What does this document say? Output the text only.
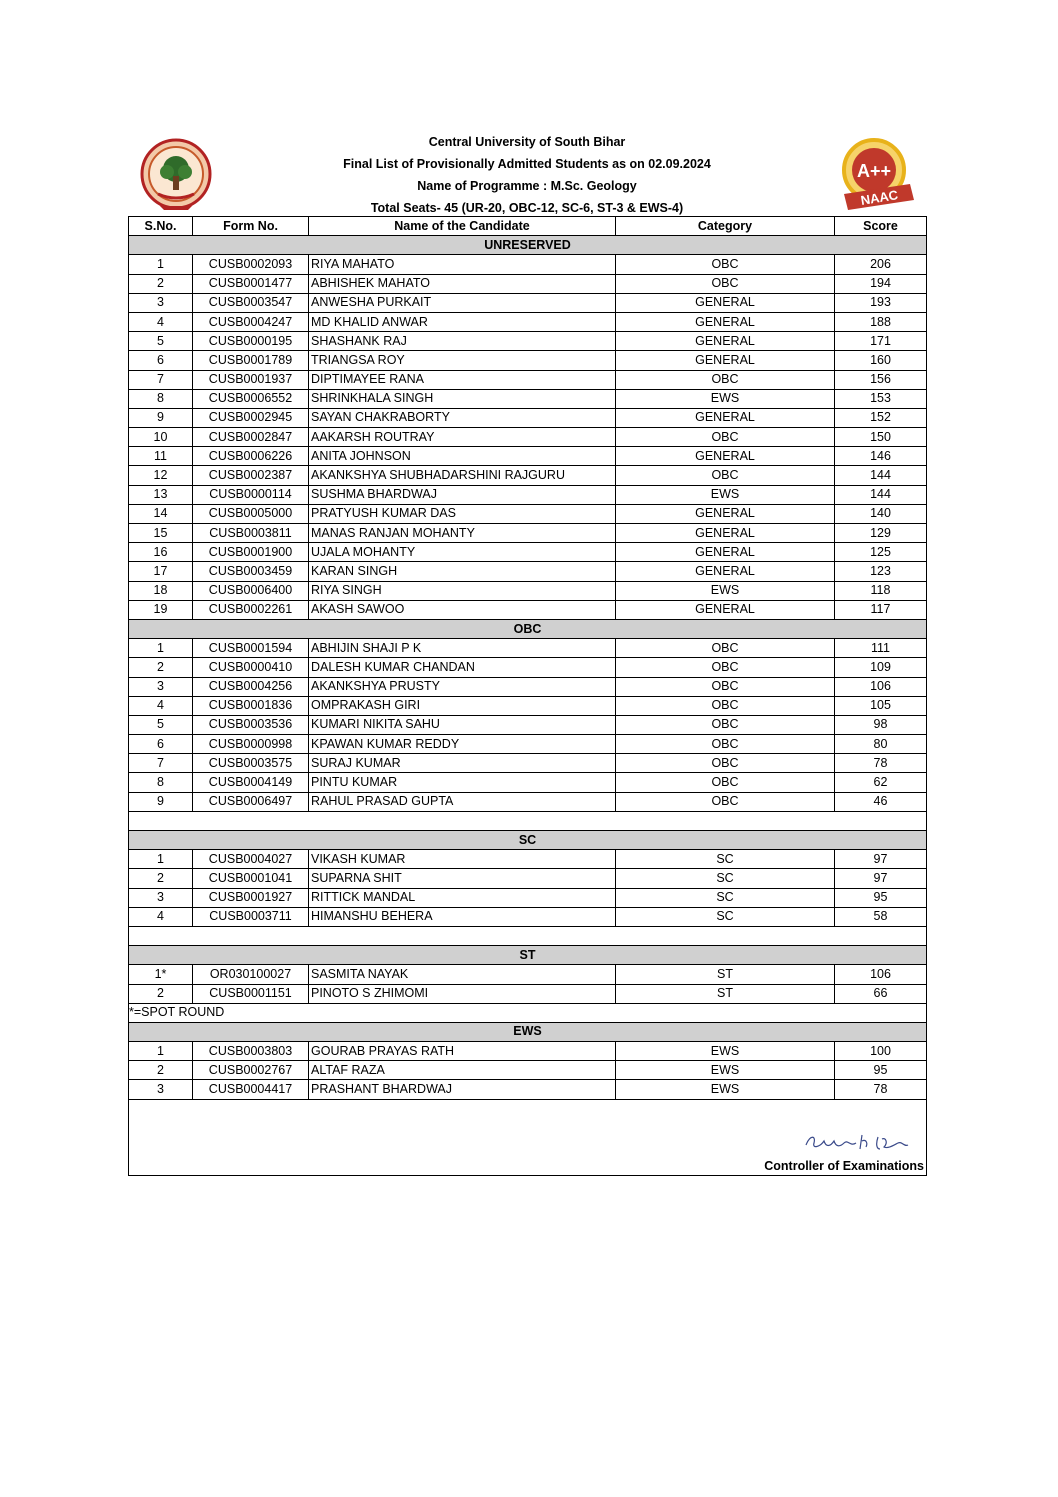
Central University of South Bihar
Final List of Provisionally Admitted Students as on 02.09.2024
Name of Programme : M.Sc. Geology
Total Seats- 45 (UR-20, OBC-12, SC-6, ST-3 & EWS-4)
A++
NAAC
S.No.	Form No.	Name of the Candidate	Category	Score
UNRESERVED				
1	CUSB0002093	RIYA MAHATO	OBC	206
2	CUSB0001477	ABHISHEK MAHATO	OBC	194
3	CUSB0003547	ANWESHA PURKAIT	GENERAL	193
4	CUSB0004247	MD KHALID ANWAR	GENERAL	188
5	CUSB0000195	SHASHANK RAJ	GENERAL	171
6	CUSB0001789	TRIANGSA ROY	GENERAL	160
7	CUSB0001937	DIPTIMAYEE RANA	OBC	156
8	CUSB0006552	SHRINKHALA SINGH	EWS	153
9	CUSB0002945	SAYAN CHAKRABORTY	GENERAL	152
10	CUSB0002847	AAKARSH ROUTRAY	OBC	150
11	CUSB0006226	ANITA JOHNSON	GENERAL	146
12	CUSB0002387	AKANKSHYA SHUBHADARSHINI RAJGURU	OBC	144
13	CUSB0000114	SUSHMA BHARDWAJ	EWS	144
14	CUSB0005000	PRATYUSH KUMAR DAS	GENERAL	140
15	CUSB0003811	MANAS RANJAN MOHANTY	GENERAL	129
16	CUSB0001900	UJALA MOHANTY	GENERAL	125
17	CUSB0003459	KARAN SINGH	GENERAL	123
18	CUSB0006400	RIYA SINGH	EWS	118
19	CUSB0002261	AKASH SAWOO	GENERAL	117
OBC				
1	CUSB0001594	ABHIJIN SHAJI P K	OBC	111
2	CUSB0000410	DALESH KUMAR CHANDAN	OBC	109
3	CUSB0004256	AKANKSHYA PRUSTY	OBC	106
4	CUSB0001836	OMPRAKASH GIRI	OBC	105
5	CUSB0003536	KUMARI NIKITA SAHU	OBC	98
6	CUSB0000998	KPAWAN KUMAR REDDY	OBC	80
7	CUSB0003575	SURAJ KUMAR	OBC	78
8	CUSB0004149	PINTU KUMAR	OBC	62
9	CUSB0006497	RAHUL PRASAD GUPTA	OBC	46

SC				
1	CUSB0004027	VIKASH KUMAR	SC	97
2	CUSB0001041	SUPARNA SHIT	SC	97
3	CUSB0001927	RITTICK MANDAL	SC	95
4	CUSB0003711	HIMANSHU BEHERA	SC	58

ST				
1*	OR030100027	SASMITA NAYAK	ST	106
2	CUSB0001151	PINOTO S ZHIMOMI	ST	66
*=SPOT ROUND				
EWS				
1	CUSB0003803	GOURAB PRAYAS RATH	EWS	100
2	CUSB0002767	ALTAF RAZA	EWS	95
3	CUSB0004417	PRASHANT BHARDWAJ	EWS	78
Controller of Examinations
